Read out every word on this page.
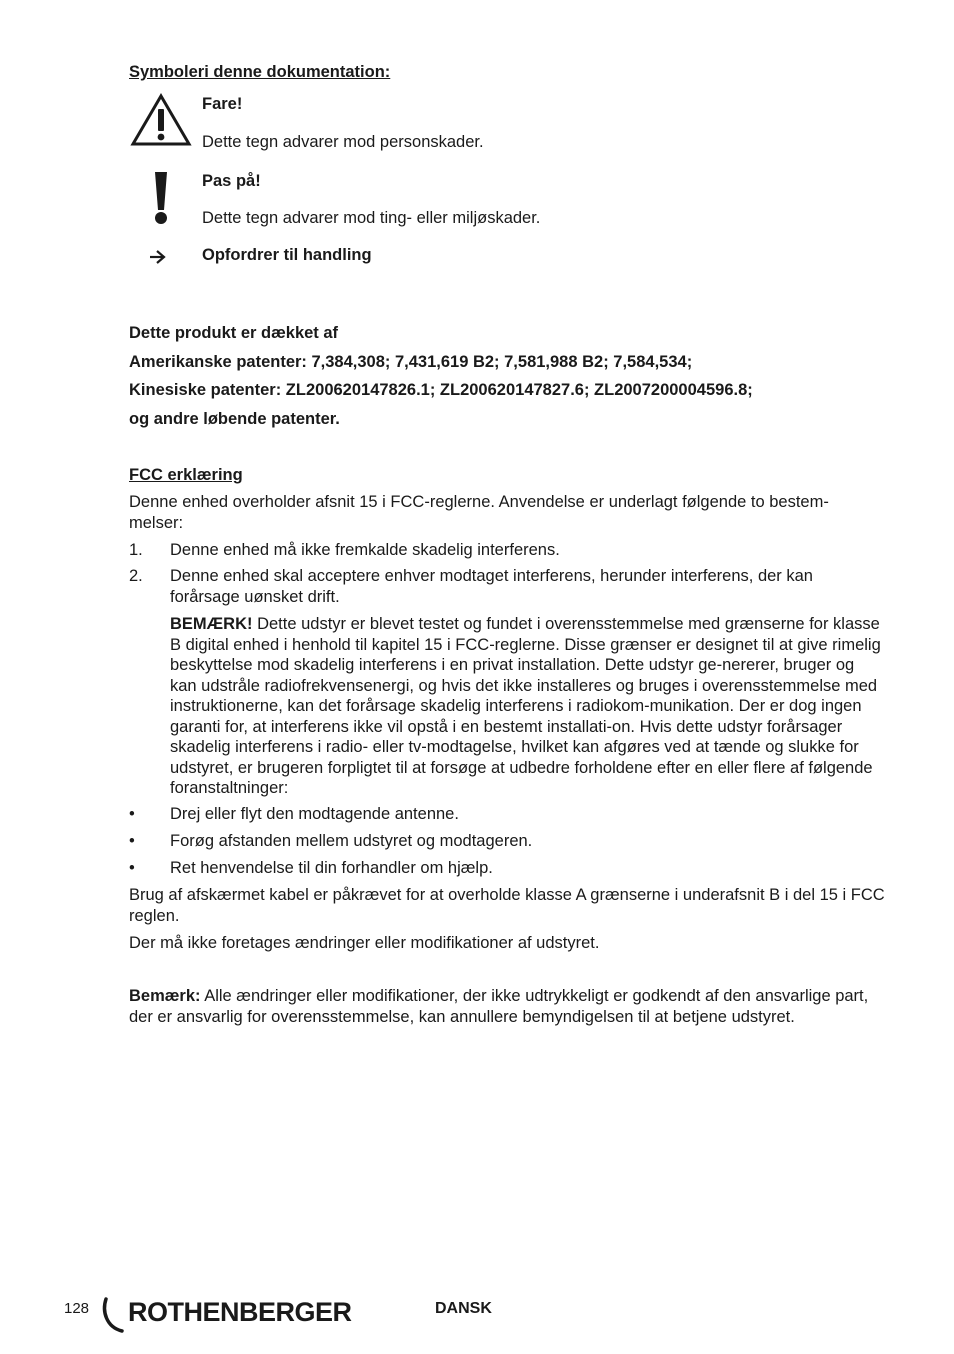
Symboleri denne dokumentation:
Fare!
Dette tegn advarer mod personskader.
Pas på!
Dette tegn advarer mod ting- eller miljøskader.
Opfordrer til handling
Dette produkt er dækket af
Amerikanske patenter: 7,384,308; 7,431,619 B2; 7,581,988 B2; 7,584,534;
Kinesiske patenter: ZL200620147826.1; ZL200620147827.6; ZL2007200004596.8;
og andre løbende patenter.
FCC erklæring
Denne enhed overholder afsnit 15 i FCC-reglerne. Anvendelse er underlagt følgende to bestem-melser:
1. Denne enhed må ikke fremkalde skadelig interferens.
2. Denne enhed skal acceptere enhver modtaget interferens, herunder interferens, der kan forårsage uønsket drift.
BEMÆRK! Dette udstyr er blevet testet og fundet i overensstemmelse med grænserne for klasse B digital enhed i henhold til kapitel 15 i FCC-reglerne. Disse grænser er designet til at give rimelig beskyttelse mod skadelig interferens i en privat installation. Dette udstyr ge-nererer, bruger og kan udstråle radiofrekvensenergi, og hvis det ikke installeres og bruges i overensstemmelse med instruktionerne, kan det forårsage skadelig interferens i radiokom-munikation. Der er dog ingen garanti for, at interferens ikke vil opstå i en bestemt installati-on. Hvis dette udstyr forårsager skadelig interferens i radio- eller tv-modtagelse, hvilket kan afgøres ved at tænde og slukke for udstyret, er brugeren forpligtet til at forsøge at udbedre forholdene efter en eller flere af følgende foranstaltninger:
• Drej eller flyt den modtagende antenne.
• Forøg afstanden mellem udstyret og modtageren.
• Ret henvendelse til din forhandler om hjælp.
Brug af afskærmet kabel er påkrævet for at overholde klasse A grænserne i underafsnit B i del 15 i FCC reglen.
Der må ikke foretages ændringer eller modifikationer af udstyret.
Bemærk: Alle ændringer eller modifikationer, der ikke udtrykkeligt er godkendt af den ansvarlige part, der er ansvarlig for overensstemmelse, kan annullere bemyndigelsen til at betjene udstyret.
128 ROTHENBERGER	DANSK
